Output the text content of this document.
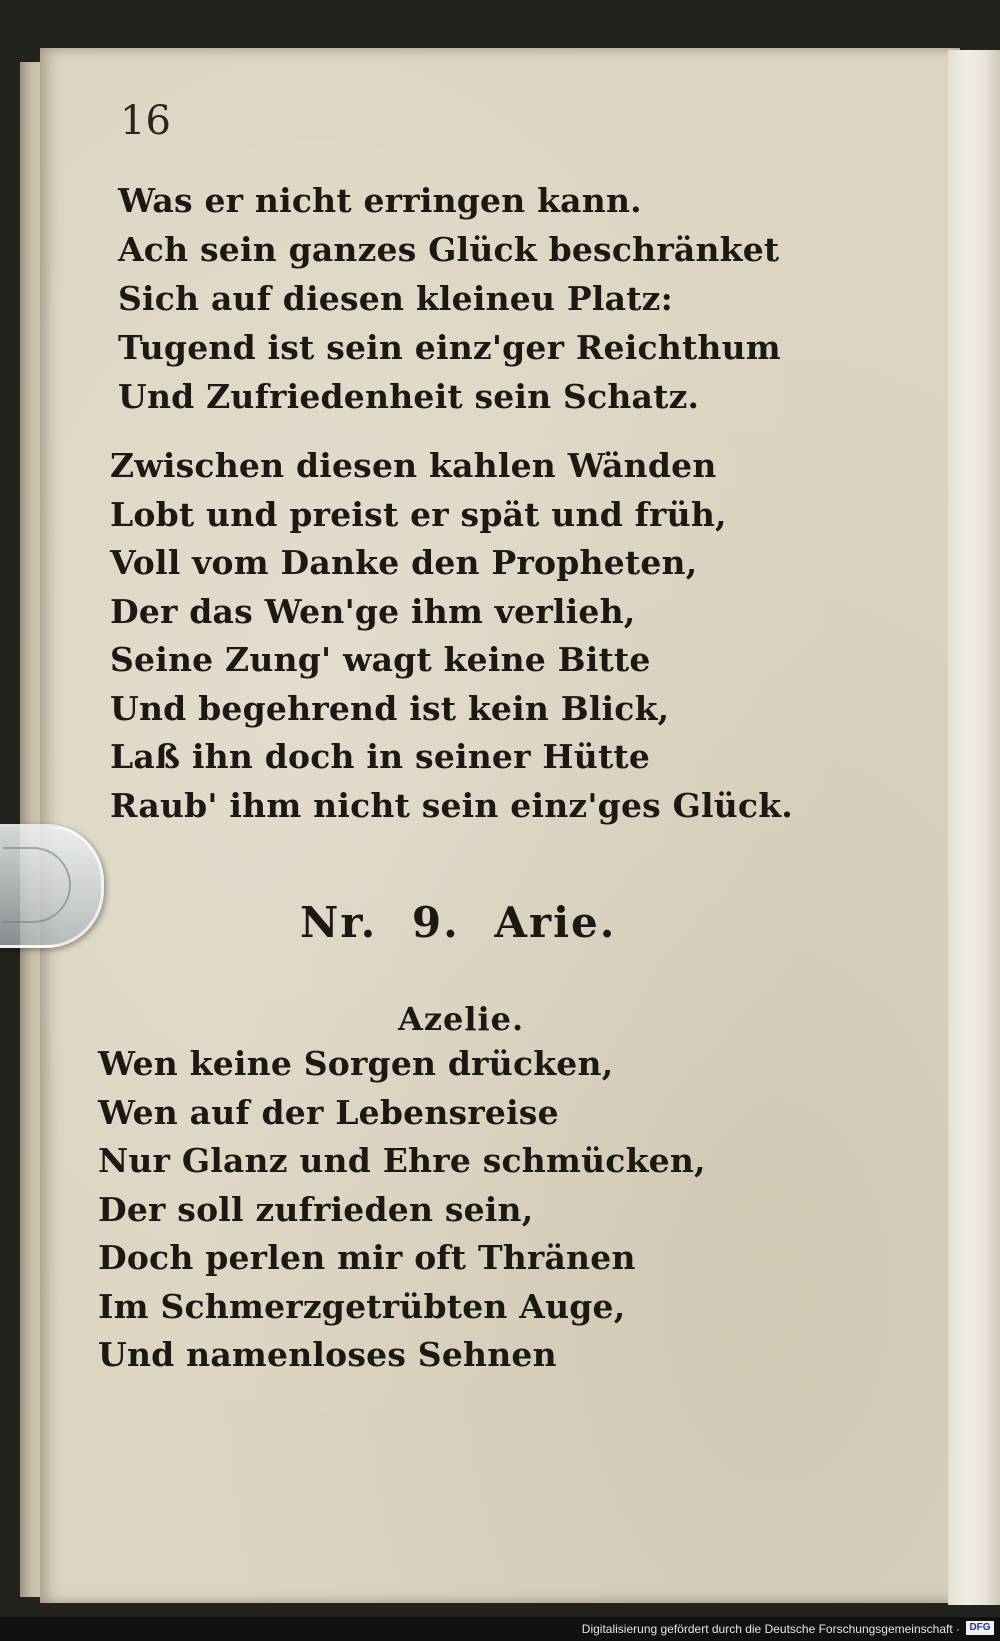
16
Was er nicht erringen kann.
Ach sein ganzes Glück beschränket
Sich auf diesen kleineu Platz:
Tugend ist sein einz'ger Reichthum
Und Zufriedenheit sein Schatz.
Zwischen diesen kahlen Wänden
Lobt und preist er spät und früh,
Voll vom Danke den Propheten,
Der das Wen'ge ihm verlieh,
Seine Zung' wagt keine Bitte
Und begehrend ist kein Blick,
Laß ihn doch in seiner Hütte
Raub' ihm nicht sein einz'ges Glück.
Nr. 9. Arie.
Azelie.
Wen keine Sorgen drücken,
Wen auf der Lebensreise
Nur Glanz und Ehre schmücken,
Der soll zufrieden sein,
Doch perlen mir oft Thränen
Im Schmerzgetrübten Auge,
Und namenloses Sehnen
Digitalisierung gefördert durch die Deutsche Forschungsgemeinschaft · DFG
